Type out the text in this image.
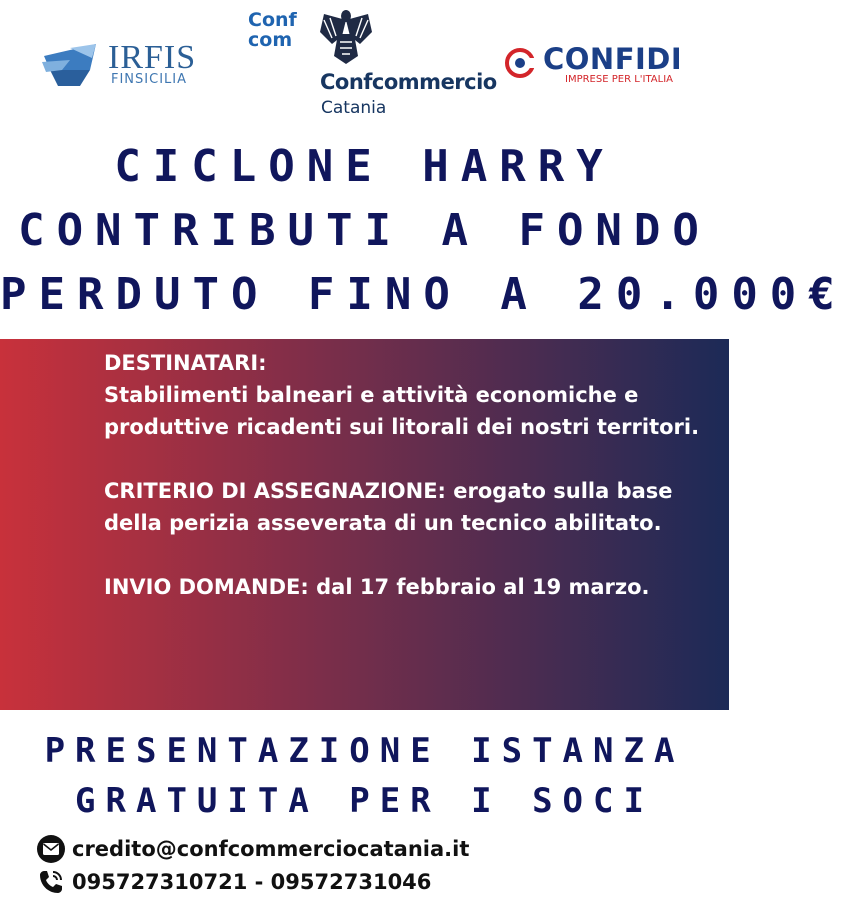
IRFIS
FINSICILIA
Conf
com
Confcommercio
Catania
CONFIDI
IMPRESE PER L'ITALIA
CICLONE HARRY
CONTRIBUTI A FONDO
PERDUTO FINO A 20.000€

DESTINATARI:
Stabilimenti balneari e attività economiche e produttive ricadenti sui litorali dei nostri territori.

CRITERIO DI ASSEGNAZIONE: erogato sulla base della perizia asseverata di un tecnico abilitato.

INVIO DOMANDE: dal 17 febbraio al 19 marzo.

PRESENTAZIONE ISTANZA
GRATUITA PER I SOCI
credito@confcommerciocatania.it
095727310721 - 09572731046
